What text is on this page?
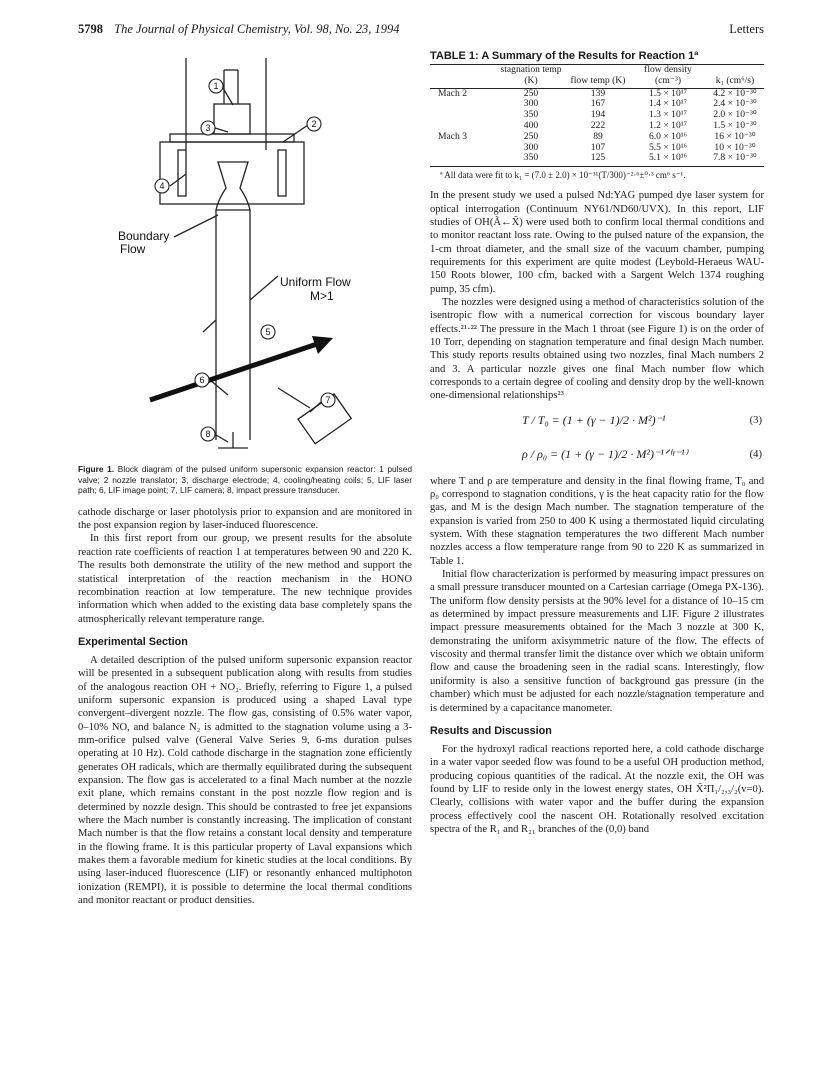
5798 The Journal of Physical Chemistry, Vol. 98, No. 23, 1994	Letters
1
2
3
4
5
6
7
8
Boundary
Flow
Uniform Flow
M>1
Figure 1. Block diagram of the pulsed uniform supersonic expansion reactor: 1 pulsed valve; 2 nozzle translator; 3, discharge electrode; 4, cooling/heating coils; 5, LIF laser path; 6, LIF image point; 7, LIF camera; 8, impact pressure transducer.

cathode discharge or laser photolysis prior to expansion and are monitored in the post expansion region by laser-induced fluorescence.

In this first report from our group, we present results for the absolute reaction rate coefficients of reaction 1 at temperatures between 90 and 220 K. The results both demonstrate the utility of the new method and support the statistical interpretation of the reaction mechanism in the HONO recombination reaction at low temperature. The new technique provides information which when added to the existing data base completely spans the atmospherically relevant temperature range.

Experimental Section

A detailed description of the pulsed uniform supersonic expansion reactor will be presented in a subsequent publication along with results from studies of the analogous reaction OH + NO₂. Briefly, referring to Figure 1, a pulsed uniform supersonic expansion is produced using a shaped Laval type convergent–divergent nozzle. The flow gas, consisting of 0.5% water vapor, 0–10% NO, and balance N₂ is admitted to the stagnation volume using a 3-mm-orifice pulsed valve (General Valve Series 9, 6-ms duration pulses operating at 10 Hz). Cold cathode discharge in the stagnation zone efficiently generates OH radicals, which are thermally equilibrated during the subsequent expansion. The flow gas is accelerated to a final Mach number at the nozzle exit plane, which remains constant in the post nozzle flow region and is determined by nozzle design. This should be contrasted to free jet expansions where the Mach number is constantly increasing. The implication of constant Mach number is that the flow retains a constant local density and temperature in the flowing frame. It is this particular property of Laval expansions which makes them a favorable medium for kinetic studies at the local conditions. By using laser-induced fluorescence (LIF) or resonantly enhanced multiphoton ionization (REMPI), it is possible to determine the local thermal conditions and monitor reactant or product densities.

TABLE 1: A Summary of the Results for Reaction 1ª
	stagnation temp (K)	flow temp (K)	flow density (cm⁻³)	k₁ (cm⁶/s)
Mach 2	250	139	1.5 × 10¹⁷	4.2 × 10⁻³⁰
	300	167	1.4 × 10¹⁷	2.4 × 10⁻³⁰
	350	194	1.3 × 10¹⁷	2.0 × 10⁻³⁰
	400	222	1.2 × 10¹⁷	1.5 × 10⁻³⁰
Mach 3	250	89	6.0 × 10¹⁶	16 × 10⁻³⁰
	300	107	5.5 × 10¹⁶	10 × 10⁻³⁰
	350	125	5.1 × 10¹⁶	7.8 × 10⁻³⁰
ª All data were fit to k₁ = (7.0 ± 2.0) × 10⁻³¹(T/300)⁻²·⁶±⁰·³ cm⁶ s⁻¹.

In the present study we used a pulsed Nd:YAG pumped dye laser system for optical interrogation (Continuum NY61/ND60/UVX). In this report, LIF studies of OH(Ã←X̃) were used both to confirm local thermal conditions and to monitor reactant loss rate. Owing to the pulsed nature of the expansion, the 1-cm throat diameter, and the small size of the vacuum chamber, pumping requirements for this experiment are quite modest (Leybold-Heraeus WAU-150 Roots blower, 100 cfm, backed with a Sargent Welch 1374 roughing pump, 35 cfm).

The nozzles were designed using a method of characteristics solution of the isentropic flow with a numerical correction for viscous boundary layer effects.²¹·²² The pressure in the Mach 1 throat (see Figure 1) is on the order of 10 Torr, depending on stagnation temperature and final design Mach number. This study reports results obtained using two nozzles, final Mach numbers 2 and 3. A particular nozzle gives one final Mach number flow which corresponds to a certain degree of cooling and density drop by the well-known one-dimensional relationships²³

T / T₀ = (1 + (γ − 1)/2 · M²)⁻¹	(3)
ρ / ρ₀ = (1 + (γ − 1)/2 · M²)⁻¹ᐟ⁽ᵞ⁻¹⁾	(4)

where T and ρ are temperature and density in the final flowing frame, T₀ and ρ₀ correspond to stagnation conditions, γ is the heat capacity ratio for the flow gas, and M is the design Mach number. The stagnation temperature of the expansion is varied from 250 to 400 K using a thermostated liquid circulating system. With these stagnation temperatures the two different Mach number nozzles access a flow temperature range from 90 to 220 K as summarized in Table 1.

Initial flow characterization is performed by measuring impact pressures on a small pressure transducer mounted on a Cartesian carriage (Omega PX-136). The uniform flow density persists at the 90% level for a distance of 10–15 cm as determined by impact pressure measurements and LIF. Figure 2 illustrates impact pressure measurements obtained for the Mach 3 nozzle at 300 K, demonstrating the uniform axisymmetric nature of the flow. The effects of viscosity and thermal transfer limit the distance over which we obtain uniform flow and cause the broadening seen in the radial scans. Interestingly, flow uniformity is also a sensitive function of background gas pressure (in the chamber) which must be adjusted for each nozzle/stagnation temperature and is determined by a capacitance manometer.

Results and Discussion

For the hydroxyl radical reactions reported here, a cold cathode discharge in a water vapor seeded flow was found to be a useful OH production method, producing copious quantities of the radical. At the nozzle exit, the OH was found by LIF to reside only in the lowest energy states, OH X̃²Π₁/₂,₃/₂(v=0). Clearly, collisions with water vapor and the buffer during the expansion process effectively cool the nascent OH. Rotationally resolved excitation spectra of the R₁ and R₂₁ branches of the (0,0) band
